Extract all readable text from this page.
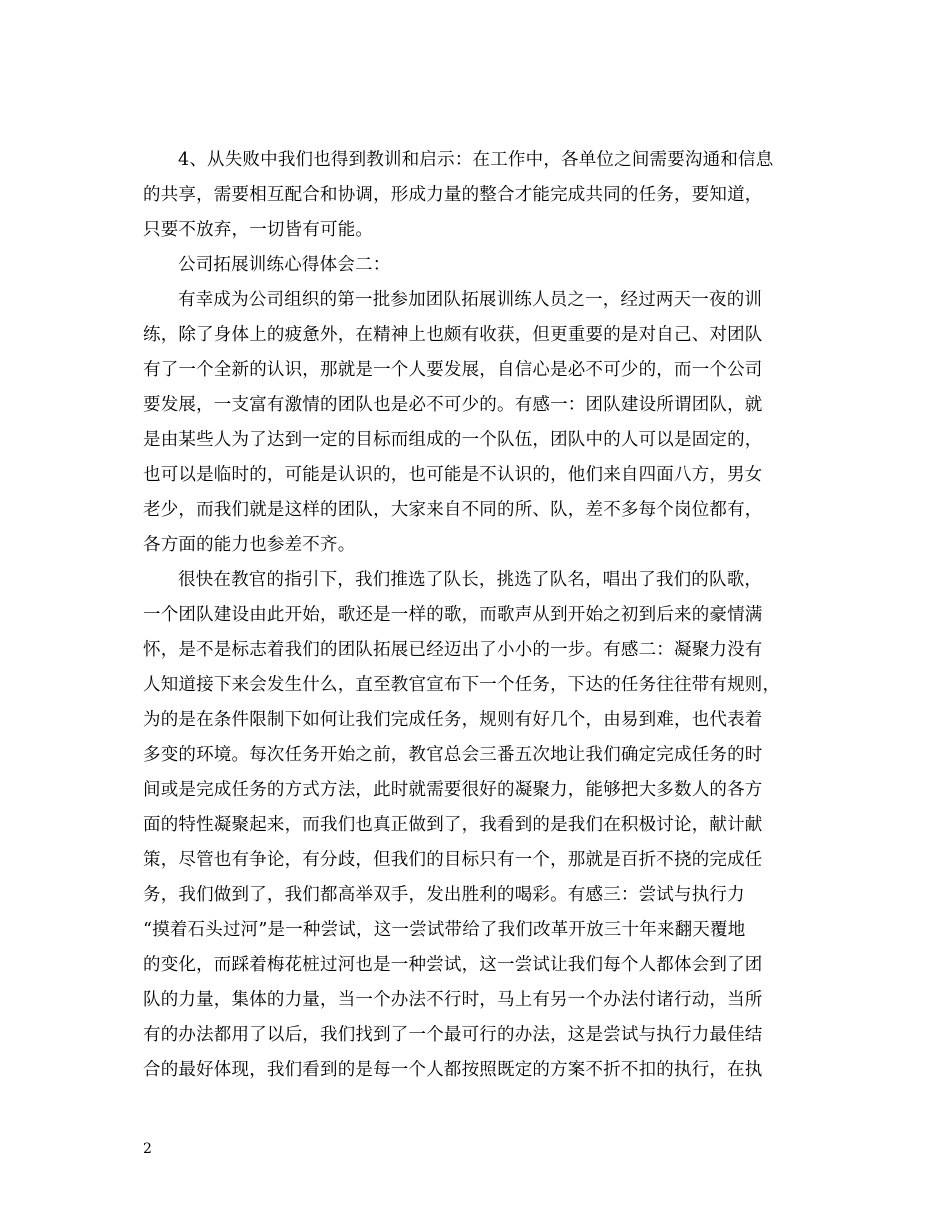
4、从失败中我们也得到教训和启示：在工作中，各单位之间需要沟通和信息
的共享，需要相互配合和协调，形成力量的整合才能完成共同的任务，要知道，
只要不放弃，一切皆有可能。
公司拓展训练心得体会二：
有幸成为公司组织的第一批参加团队拓展训练人员之一，经过两天一夜的训
练，除了身体上的疲惫外，在精神上也颇有收获，但更重要的是对自己、对团队
有了一个全新的认识，那就是一个人要发展，自信心是必不可少的，而一个公司
要发展，一支富有激情的团队也是必不可少的。有感一：团队建设所谓团队，就
是由某些人为了达到一定的目标而组成的一个队伍，团队中的人可以是固定的，
也可以是临时的，可能是认识的，也可能是不认识的，他们来自四面八方，男女
老少，而我们就是这样的团队，大家来自不同的所、队，差不多每个岗位都有，
各方面的能力也参差不齐。
很快在教官的指引下，我们推选了队长，挑选了队名，唱出了我们的队歌，
一个团队建设由此开始，歌还是一样的歌，而歌声从到开始之初到后来的豪情满
怀，是不是标志着我们的团队拓展已经迈出了小小的一步。有感二：凝聚力没有
人知道接下来会发生什么，直至教官宣布下一个任务，下达的任务往往带有规则，
为的是在条件限制下如何让我们完成任务，规则有好几个，由易到难，也代表着
多变的环境。每次任务开始之前，教官总会三番五次地让我们确定完成任务的时
间或是完成任务的方式方法，此时就需要很好的凝聚力，能够把大多数人的各方
面的特性凝聚起来，而我们也真正做到了，我看到的是我们在积极讨论，献计献
策，尽管也有争论，有分歧，但我们的目标只有一个，那就是百折不挠的完成任
务，我们做到了，我们都高举双手，发出胜利的喝彩。有感三：尝试与执行力
“摸着石头过河”是一种尝试，这一尝试带给了我们改革开放三十年来翻天覆地
的变化，而踩着梅花桩过河也是一种尝试，这一尝试让我们每个人都体会到了团
队的力量，集体的力量，当一个办法不行时，马上有另一个办法付诸行动，当所
有的办法都用了以后，我们找到了一个最可行的办法，这是尝试与执行力最佳结
合的最好体现，我们看到的是每一个人都按照既定的方案不折不扣的执行，在执
2
